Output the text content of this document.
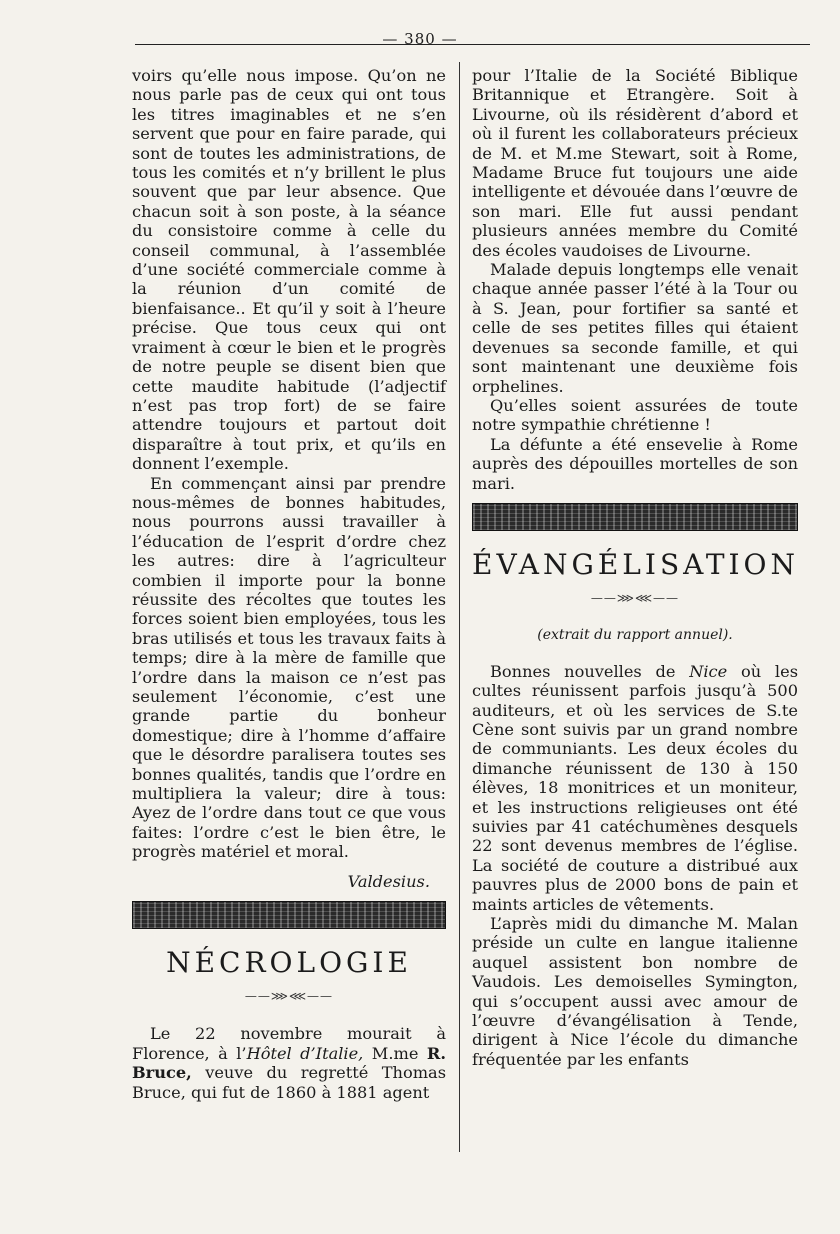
— 380 —

voirs qu’elle nous impose. Qu’on ne nous parle pas de ceux qui ont tous les titres imaginables et ne s’en servent que pour en faire parade, qui sont de toutes les administrations, de tous les comités et n’y brillent le plus souvent que par leur absence. Que chacun soit à son poste, à la séance du consistoire comme à celle du conseil communal, à l’assemblée d’une société commerciale comme à la réunion d’un comité de bienfaisance.. Et qu’il y soit à l’heure précise. Que tous ceux qui ont vraiment à cœur le bien et le progrès de notre peuple se disent bien que cette maudite habitude (l’adjectif n’est pas trop fort) de se faire attendre toujours et partout doit disparaître à tout prix, et qu’ils en donnent l’exemple.

En commençant ainsi par prendre nous-mêmes de bonnes habitudes, nous pourrons aussi travailler à l’éducation de l’esprit d’ordre chez les autres: dire à l’agriculteur combien il importe pour la bonne réussite des récoltes que toutes les forces soient bien employées, tous les bras utilisés et tous les travaux faits à temps; dire à la mère de famille que l’ordre dans la maison ce n’est pas seulement l’économie, c’est une grande partie du bonheur domestique; dire à l’homme d’affaire que le désordre paralisera toutes ses bonnes qualités, tandis que l’ordre en multipliera la valeur; dire à tous: Ayez de l’ordre dans tout ce que vous faites: l’ordre c’est le bien être, le progrès matériel et moral.

Valdesius.
NÉCROLOGIE
——⋙⋘——

Le 22 novembre mourait à Florence, à l’Hôtel d’Italie, M.me R. Bruce, veuve du regretté Thomas Bruce, qui fut de 1860 à 1881 agent

pour l’Italie de la Société Biblique Britannique et Etrangère. Soit à Livourne, où ils résidèrent d’abord et où il furent les collaborateurs précieux de M. et M.me Stewart, soit à Rome, Madame Bruce fut toujours une aide intelligente et dévouée dans l’œuvre de son mari. Elle fut aussi pendant plusieurs années membre du Comité des écoles vaudoises de Livourne.

Malade depuis longtemps elle venait chaque année passer l’été à la Tour ou à S. Jean, pour fortifier sa santé et celle de ses petites filles qui étaient devenues sa seconde famille, et qui sont maintenant une deuxième fois orphelines.

Qu’elles soient assurées de toute notre sympathie chrétienne !

La défunte a été ensevelie à Rome auprès des dépouilles mortelles de son mari.

ÉVANGÉLISATION
——⋙⋘——
(extrait du rapport annuel).

Bonnes nouvelles de Nice où les cultes réunissent parfois jusqu’à 500 auditeurs, et où les services de S.te Cène sont suivis par un grand nombre de communiants. Les deux écoles du dimanche réunissent de 130 à 150 élèves, 18 monitrices et un moniteur, et les instructions religieuses ont été suivies par 41 catéchumènes desquels 22 sont devenus membres de l’église. La société de couture a distribué aux pauvres plus de 2000 bons de pain et maints articles de vêtements.

L’après midi du dimanche M. Malan préside un culte en langue italienne auquel assistent bon nombre de Vaudois. Les demoiselles Symington, qui s’occupent aussi avec amour de l’œuvre d’évangélisation à Tende, dirigent à Nice l’école du dimanche fréquentée par les enfants
